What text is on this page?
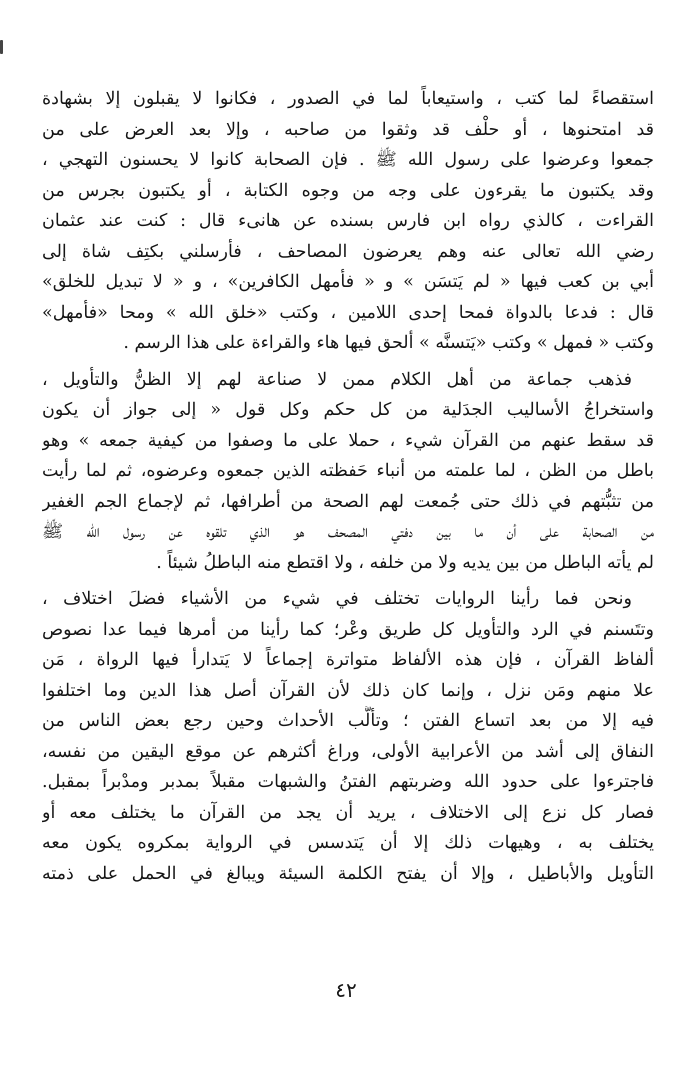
استقصاءً لما كتب ، واستيعاباً لما في الصدور ، فكانوا لا يقبلون إلا بشهادة
قد امتحنوها ، أو حلْف قد وثقوا من صاحبه ، وإلا بعد العرض على من
جمعوا وعرضوا على رسول الله ﷺ . فإن الصحابة كانوا لا يحسنون التهجي ،
وقد يكتبون ما يقرءون على وجه من وجوه الكتابة ، أو يكتبون بجرس من
القراءت ، كالذي رواه ابن فارس بسنده عن هانىء قال : كنت عند عثمان
رضي الله تعالى عنه وهم يعرضون المصاحف ، فأرسلني بكتِف شاة إلى
أبي بن كعب فيها « لم يَتسَن » و « فأمهل الكافرين» ، و « لا تبديل للخلق»
قال : فدعا بالدواة فمحا إحدى اللامين ، وكتب «خلق الله » ومحا «فأمهل»
وكتب « فمهل » وكتب «يَتسنَّه » ألحق فيها هاء والقراءة على هذا الرسم .
فذهب جماعة من أهل الكلام ممن لا صناعة لهم إلا الظنُّ والتأويل ،
واستخراجُ الأساليب الجدَلية من كل حكم وكل قول « إلى جواز أن يكون
قد سقط عنهم من القرآن شيء ، حملا على ما وصفوا من كيفية جمعه » وهو
باطل من الظن ، لما علمته من أنباء حَفظته الذين جمعوه وعرضوه، ثم لما رأيت
من تثبُّتهم في ذلك حتى جُمعت لهم الصحة من أطرافها، ثم لإجماع الجم الغفير
من الصحابة على أن ما بين دفتي المصحف هو الذي تلقوه عن رسول الله ﷺ
لم يأته الباطل من بين يديه ولا من خلفه ، ولا اقتطع منه الباطلُ شيئاً .
ونحن فما رأينا الروايات تختلف في شيء من الأشياء فضلَ اختلاف ،
وتتَسنم في الرد والتأويل كل طريق وعْر؛ كما رأينا من أمرها فيما عدا نصوص
ألفاظ القرآن ، فإن هذه الألفاظ متواترة إجماعاً لا يَتدارأ فيها الرواة ، مَن
علا منهم ومَن نزل ، وإنما كان ذلك لأن القرآن أصل هذا الدين وما اختلفوا
فيه إلا من بعد اتساع الفتن ؛ وتألُّب الأحداث وحين رجع بعض الناس من
النفاق إلى أشد من الأعرابية الأولى، وراغ أكثرهم عن موقع اليقين من نفسه،
فاجترءوا على حدود الله وضربتهم الفتنُ والشبهات مقبلاً بمدبر ومدْبراً بمقبل.
فصار كل نزع إلى الاختلاف ، يريد أن يجد من القرآن ما يختلف معه أو
يختلف به ، وهيهات ذلك إلا أن يَتدسس في الرواية بمكروه يكون معه
التأويل والأباطيل ، وإلا أن يفتح الكلمة السيئة ويبالغ في الحمل على ذمته
٤٢
